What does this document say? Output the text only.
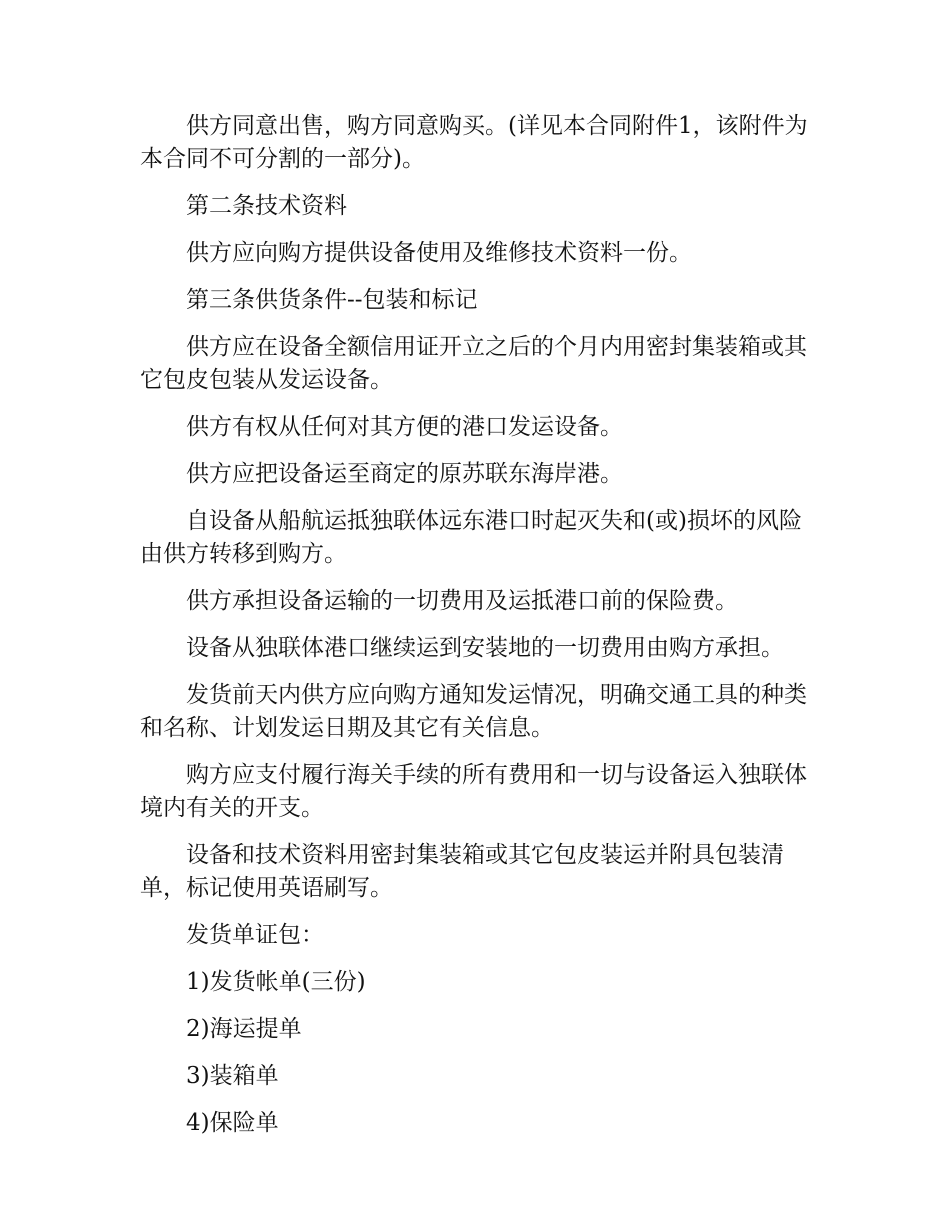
供方同意出售，购方同意购买。(详见本合同附件1，该附件为本合同不可分割的一部分)。

第二条技术资料

供方应向购方提供设备使用及维修技术资料一份。

第三条供货条件--包装和标记

供方应在设备全额信用证开立之后的个月内用密封集装箱或其它包皮包装从发运设备。

供方有权从任何对其方便的港口发运设备。

供方应把设备运至商定的原苏联东海岸港。

自设备从船航运抵独联体远东港口时起灭失和(或)损坏的风险由供方转移到购方。

供方承担设备运输的一切费用及运抵港口前的保险费。

设备从独联体港口继续运到安装地的一切费用由购方承担。

发货前天内供方应向购方通知发运情况，明确交通工具的种类和名称、计划发运日期及其它有关信息。

购方应支付履行海关手续的所有费用和一切与设备运入独联体境内有关的开支。

设备和技术资料用密封集装箱或其它包皮装运并附具包装清单，标记使用英语刷写。

发货单证包：

1)发货帐单(三份)

2)海运提单

3)装箱单

4)保险单
